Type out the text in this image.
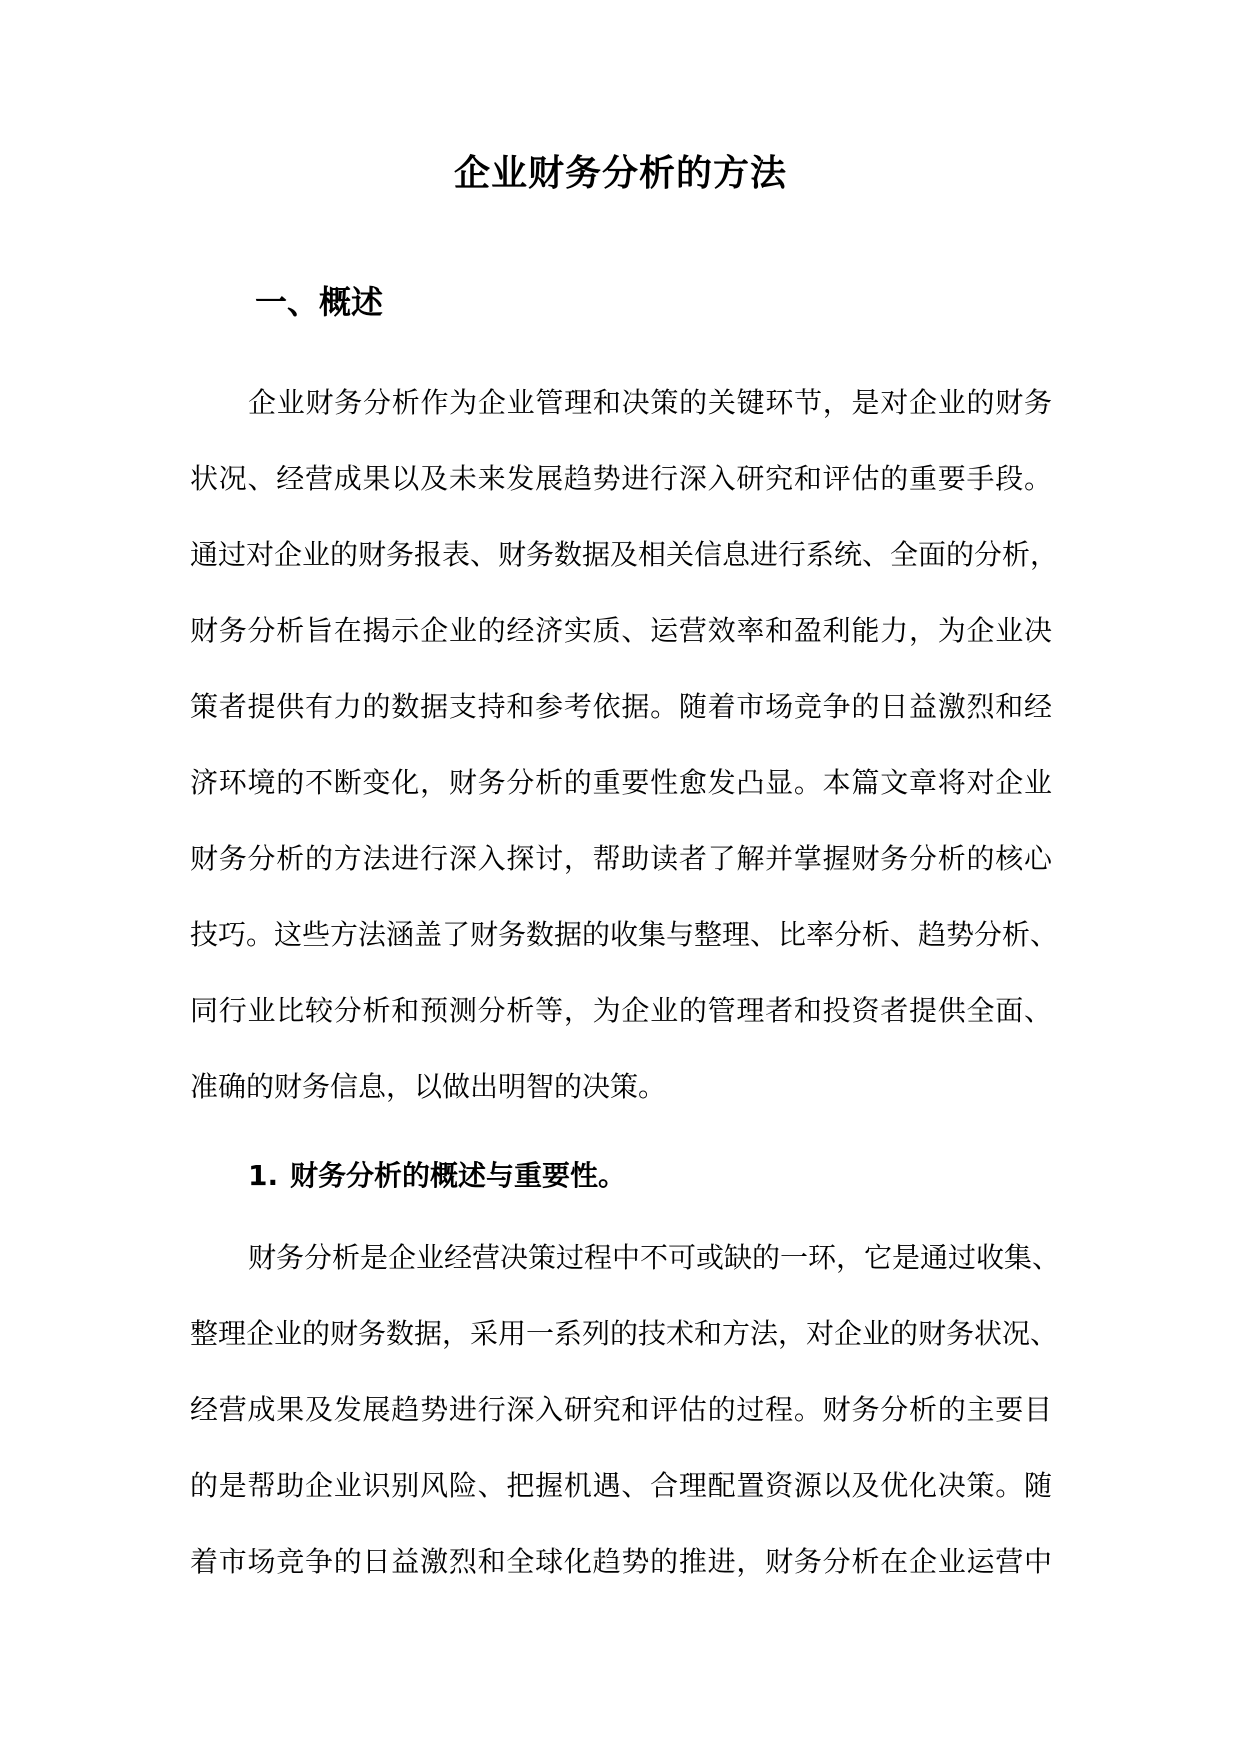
企业财务分析的方法
一、概述
企业财务分析作为企业管理和决策的关键环节，是对企业的财务
状况、经营成果以及未来发展趋势进行深入研究和评估的重要手段。
通过对企业的财务报表、财务数据及相关信息进行系统、全面的分析，
财务分析旨在揭示企业的经济实质、运营效率和盈利能力，为企业决
策者提供有力的数据支持和参考依据。随着市场竞争的日益激烈和经
济环境的不断变化，财务分析的重要性愈发凸显。本篇文章将对企业
财务分析的方法进行深入探讨，帮助读者了解并掌握财务分析的核心
技巧。这些方法涵盖了财务数据的收集与整理、比率分析、趋势分析、
同行业比较分析和预测分析等，为企业的管理者和投资者提供全面、
准确的财务信息，以做出明智的决策。
1. 财务分析的概述与重要性。
财务分析是企业经营决策过程中不可或缺的一环，它是通过收集、
整理企业的财务数据，采用一系列的技术和方法，对企业的财务状况、
经营成果及发展趋势进行深入研究和评估的过程。财务分析的主要目
的是帮助企业识别风险、把握机遇、合理配置资源以及优化决策。随
着市场竞争的日益激烈和全球化趋势的推进，财务分析在企业运营中
